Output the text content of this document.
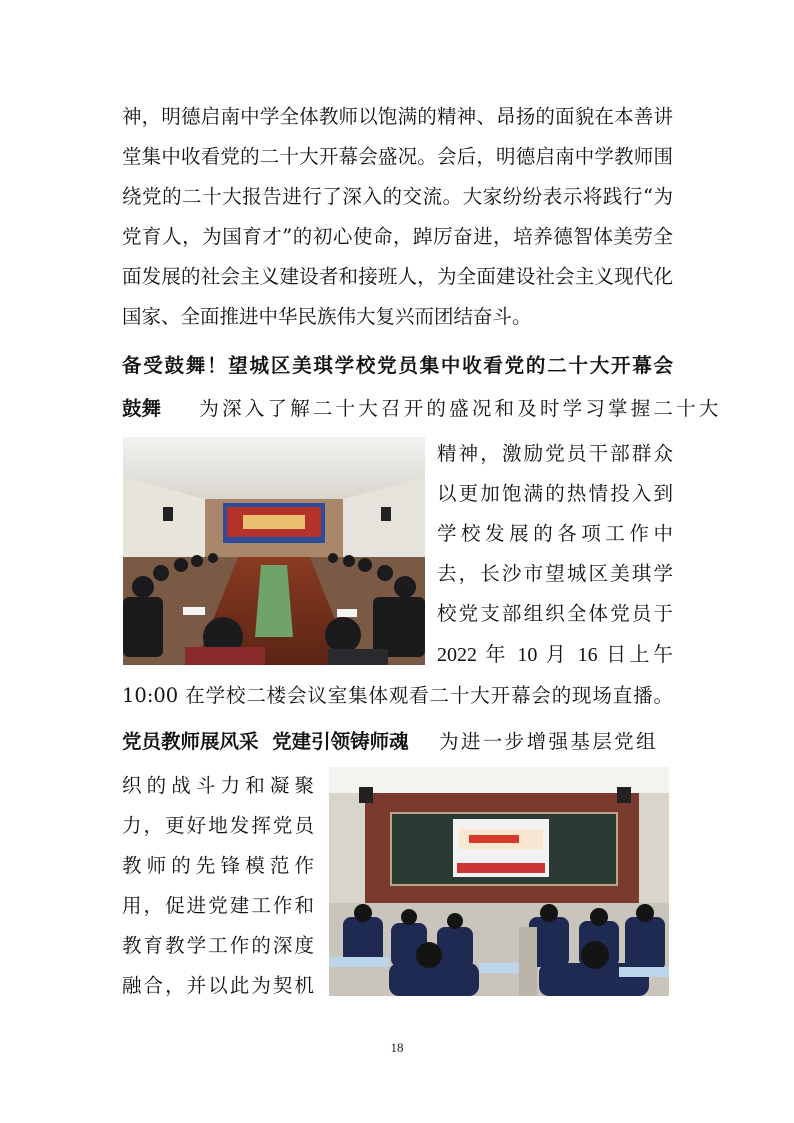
神，明德启南中学全体教师以饱满的精神、昂扬的面貌在本善讲
堂集中收看党的二十大开幕会盛况。会后，明德启南中学教师围
绕党的二十大报告进行了深入的交流。大家纷纷表示将践行“为
党育人，为国育才”的初心使命，踔厉奋进，培养德智体美劳全
面发展的社会主义建设者和接班人，为全面建设社会主义现代化
国家、全面推进中华民族伟大复兴而团结奋斗。
备受鼓舞！望城区美琪学校党员集中收看党的二十大开幕会
鼓舞 为深入了解二十大召开的盛况和及时学习掌握二十大
精神，激励党员干部群众
以更加饱满的热情投入到
学校发展的各项工作中
去，长沙市望城区美琪学
校党支部组织全体党员于
2022 年 10 月 16 日上午
10:00 在学校二楼会议室集体观看二十大开幕会的现场直播。
党员教师展风采  党建引领铸师魂 为进一步增强基层党组
织的战斗力和凝聚
力，更好地发挥党员
教师的先锋模范作
用，促进党建工作和
教育教学工作的深度
融合，并以此为契机
18
